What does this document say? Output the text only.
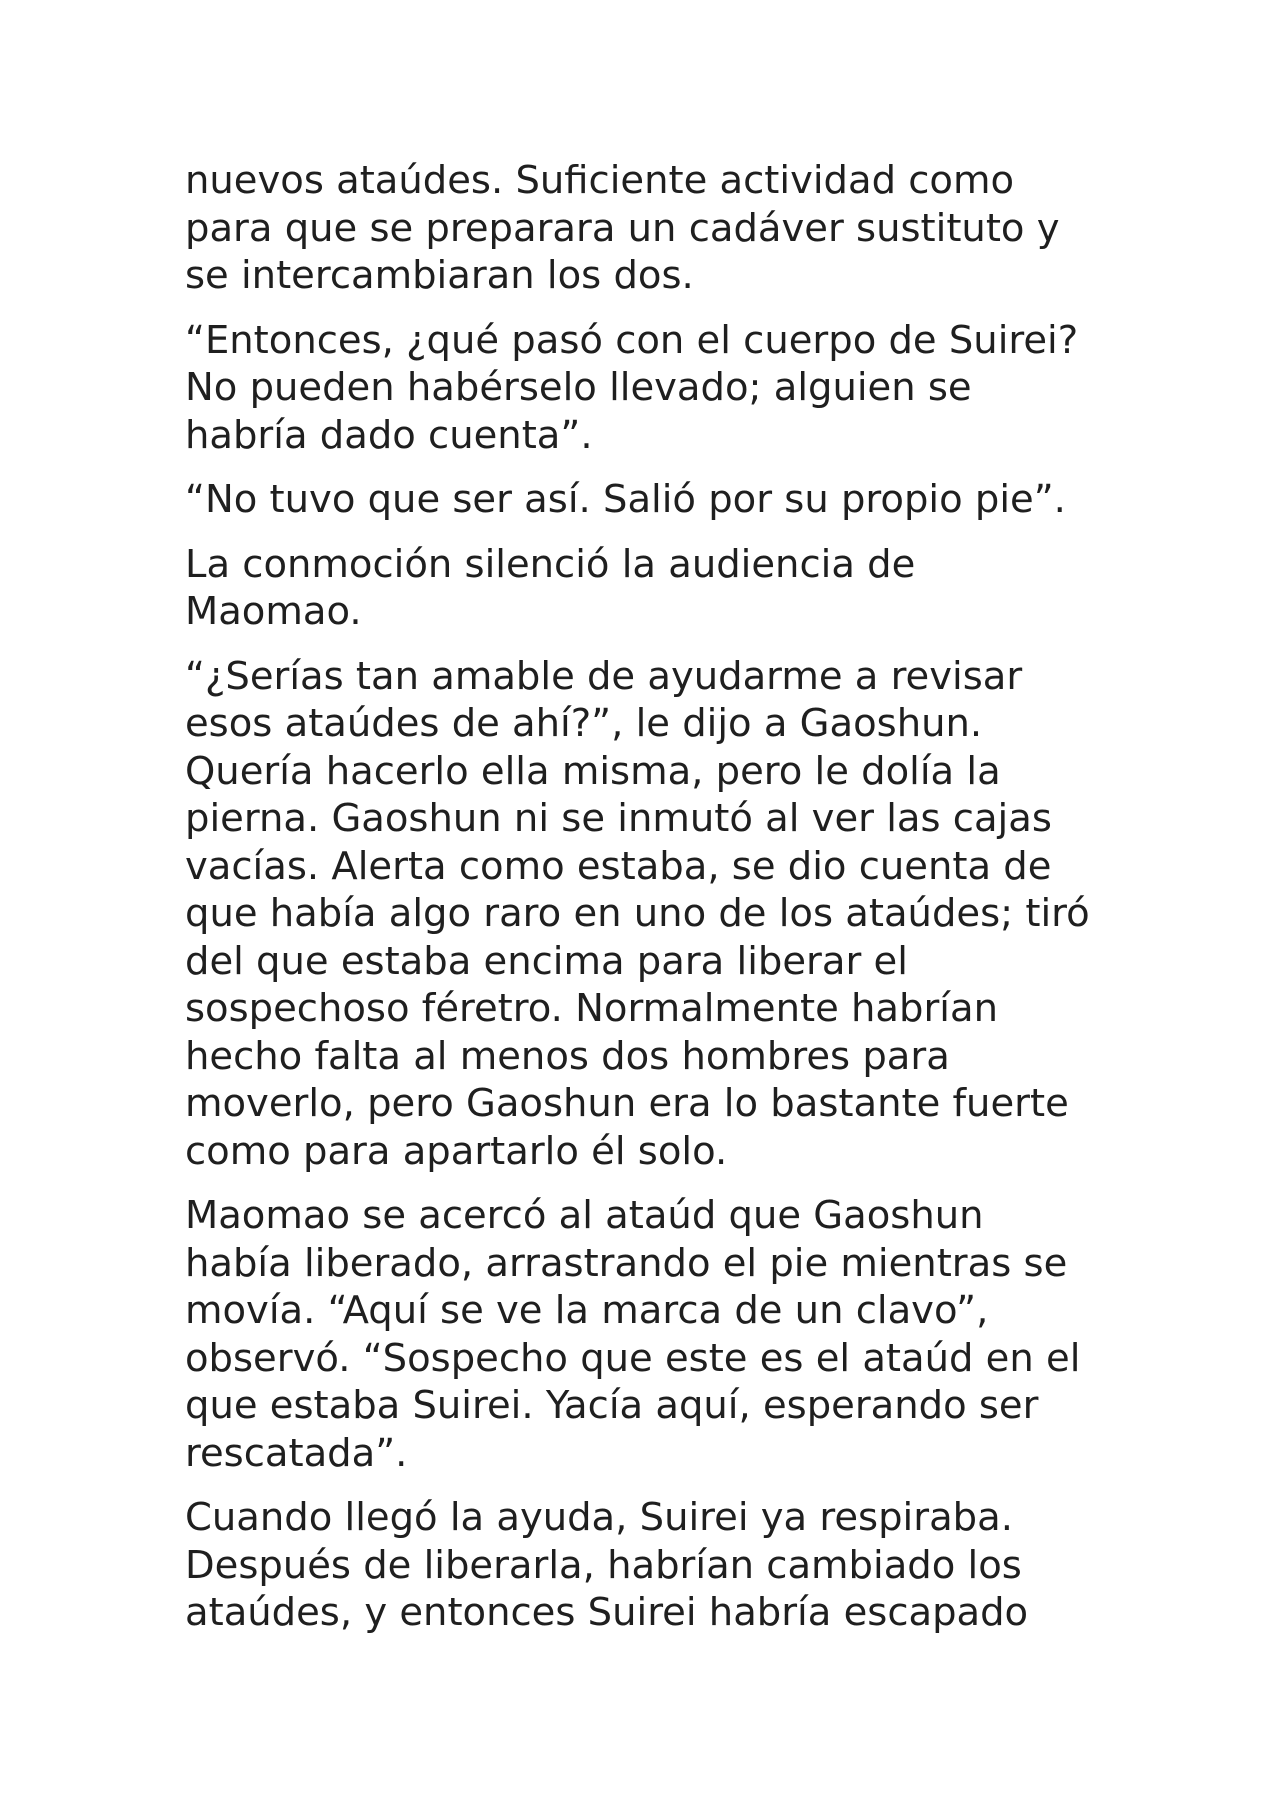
nuevos ataúdes. Suficiente actividad como para que se preparara un cadáver sustituto y se intercambiaran los dos.

“Entonces, ¿qué pasó con el cuerpo de Suirei? No pueden habérselo llevado; alguien se habría dado cuenta”.

“No tuvo que ser así. Salió por su propio pie”.

La conmoción silenció la audiencia de Maomao.

“¿Serías tan amable de ayudarme a revisar esos ataúdes de ahí?”, le dijo a Gaoshun. Quería hacerlo ella misma, pero le dolía la pierna. Gaoshun ni se inmutó al ver las cajas vacías. Alerta como estaba, se dio cuenta de que había algo raro en uno de los ataúdes; tiró del que estaba encima para liberar el sospechoso féretro. Normalmente habrían hecho falta al menos dos hombres para moverlo, pero Gaoshun era lo bastante fuerte como para apartarlo él solo.

Maomao se acercó al ataúd que Gaoshun había liberado, arrastrando el pie mientras se movía. “Aquí se ve la marca de un clavo”, observó. “Sospecho que este es el ataúd en el que estaba Suirei. Yacía aquí, esperando ser rescatada”.

Cuando llegó la ayuda, Suirei ya respiraba. Después de liberarla, habrían cambiado los ataúdes, y entonces Suirei habría escapado
